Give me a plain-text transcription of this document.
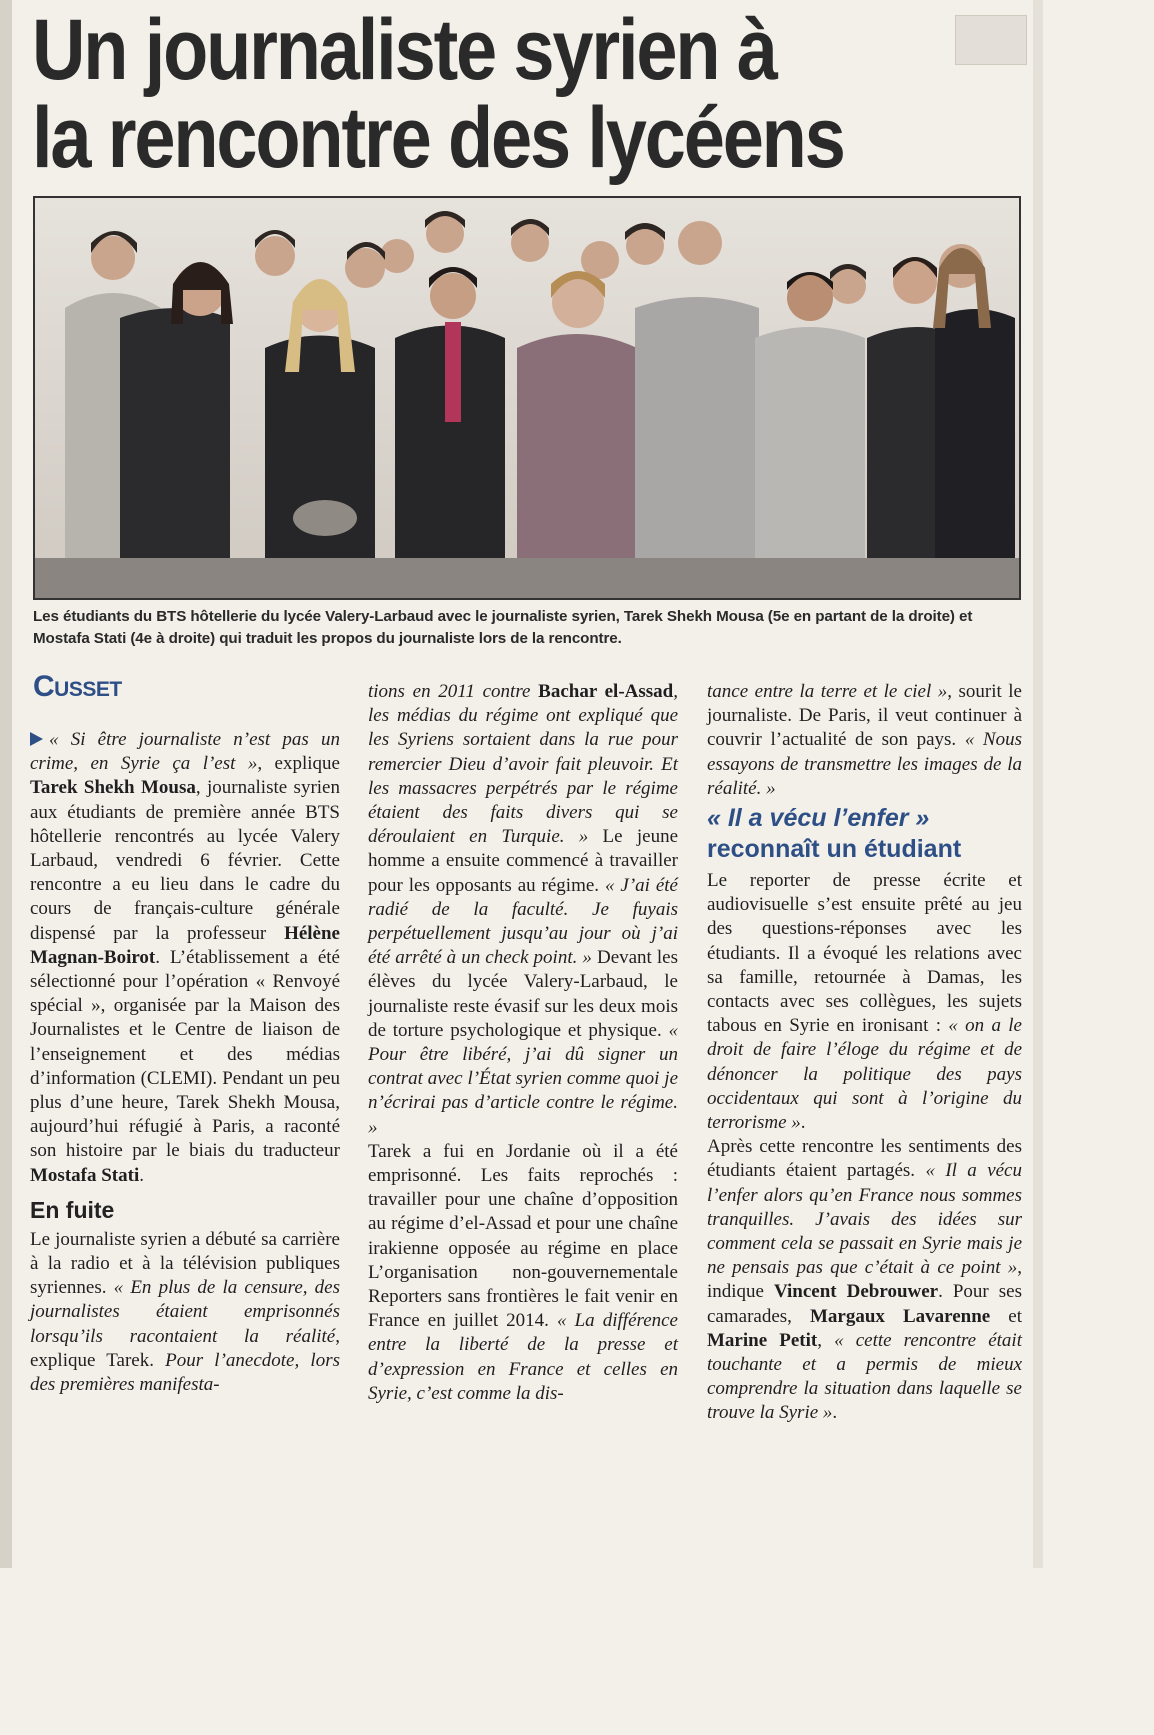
Un journaliste syrien à
la rencontre des lycéens
Les étudiants du BTS hôtellerie du lycée Valery-Larbaud avec le journaliste syrien, Tarek Shekh Mousa (5e en partant de la droite) et Mostafa Stati (4e à droite) qui traduit les propos du journaliste lors de la rencontre.
Cusset

« Si être journaliste n’est pas un crime, en Syrie ça l’est », explique Tarek Shekh Mousa, journaliste syrien aux étudiants de première année BTS hôtellerie rencontrés au lycée Valery Larbaud, vendredi 6 février. Cette rencontre a eu lieu dans le cadre du cours de français-culture générale dispensé par la professeur Hélène Magnan-Boirot. L’établissement a été sélectionné pour l’opération « Renvoyé spécial », organisée par la Maison des Journalistes et le Centre de liaison de l’enseignement et des médias d’information (CLEMI). Pendant un peu plus d’une heure, Tarek Shekh Mousa, aujourd’hui réfugié à Paris, a raconté son histoire par le biais du traducteur Mostafa Stati.

En fuite

Le journaliste syrien a débuté sa carrière à la radio et à la télévision publiques syriennes. « En plus de la censure, des journalistes étaient emprisonnés lorsqu’ils racontaient la réalité, explique Tarek. Pour l’anecdote, lors des premières manifesta-

tions en 2011 contre Bachar el-Assad, les médias du régime ont expliqué que les Syriens sortaient dans la rue pour remercier Dieu d’avoir fait pleuvoir. Et les massacres perpétrés par le régime étaient des faits divers qui se déroulaient en Turquie. » Le jeune homme a ensuite commencé à travailler pour les opposants au régime. « J’ai été radié de la faculté. Je fuyais perpétuellement jusqu’au jour où j’ai été arrêté à un check point. » Devant les élèves du lycée Valery-Larbaud, le journaliste reste évasif sur les deux mois de torture psychologique et physique. « Pour être libéré, j’ai dû signer un contrat avec l’État syrien comme quoi je n’écrirai pas d’article contre le régime. »

Tarek a fui en Jordanie où il a été emprisonné. Les faits reprochés : travailler pour une chaîne d’opposition au régime d’el-Assad et pour une chaîne irakienne opposée au régime en place L’organisation non-gouvernementale Reporters sans frontières le fait venir en France en juillet 2014. « La différence entre la liberté de la presse et d’expression en France et celles en Syrie, c’est comme la dis-

tance entre la terre et le ciel », sourit le journaliste. De Paris, il veut continuer à couvrir l’actualité de son pays. « Nous essayons de transmettre les images de la réalité. »

« Il a vécu l’enfer »
reconnaît un étudiant

Le reporter de presse écrite et audiovisuelle s’est ensuite prêté au jeu des questions-réponses avec les étudiants. Il a évoqué les relations avec sa famille, retournée à Damas, les contacts avec ses collègues, les sujets tabous en Syrie en ironisant : « on a le droit de faire l’éloge du régime et de dénoncer la politique des pays occidentaux qui sont à l’origine du terrorisme ».

Après cette rencontre les sentiments des étudiants étaient partagés. « Il a vécu l’enfer alors qu’en France nous sommes tranquilles. J’avais des idées sur comment cela se passait en Syrie mais je ne pensais pas que c’était à ce point », indique Vincent Debrouwer. Pour ses camarades, Margaux Lavarenne et Marine Petit, « cette rencontre était touchante et a permis de mieux comprendre la situation dans laquelle se trouve la Syrie ».
